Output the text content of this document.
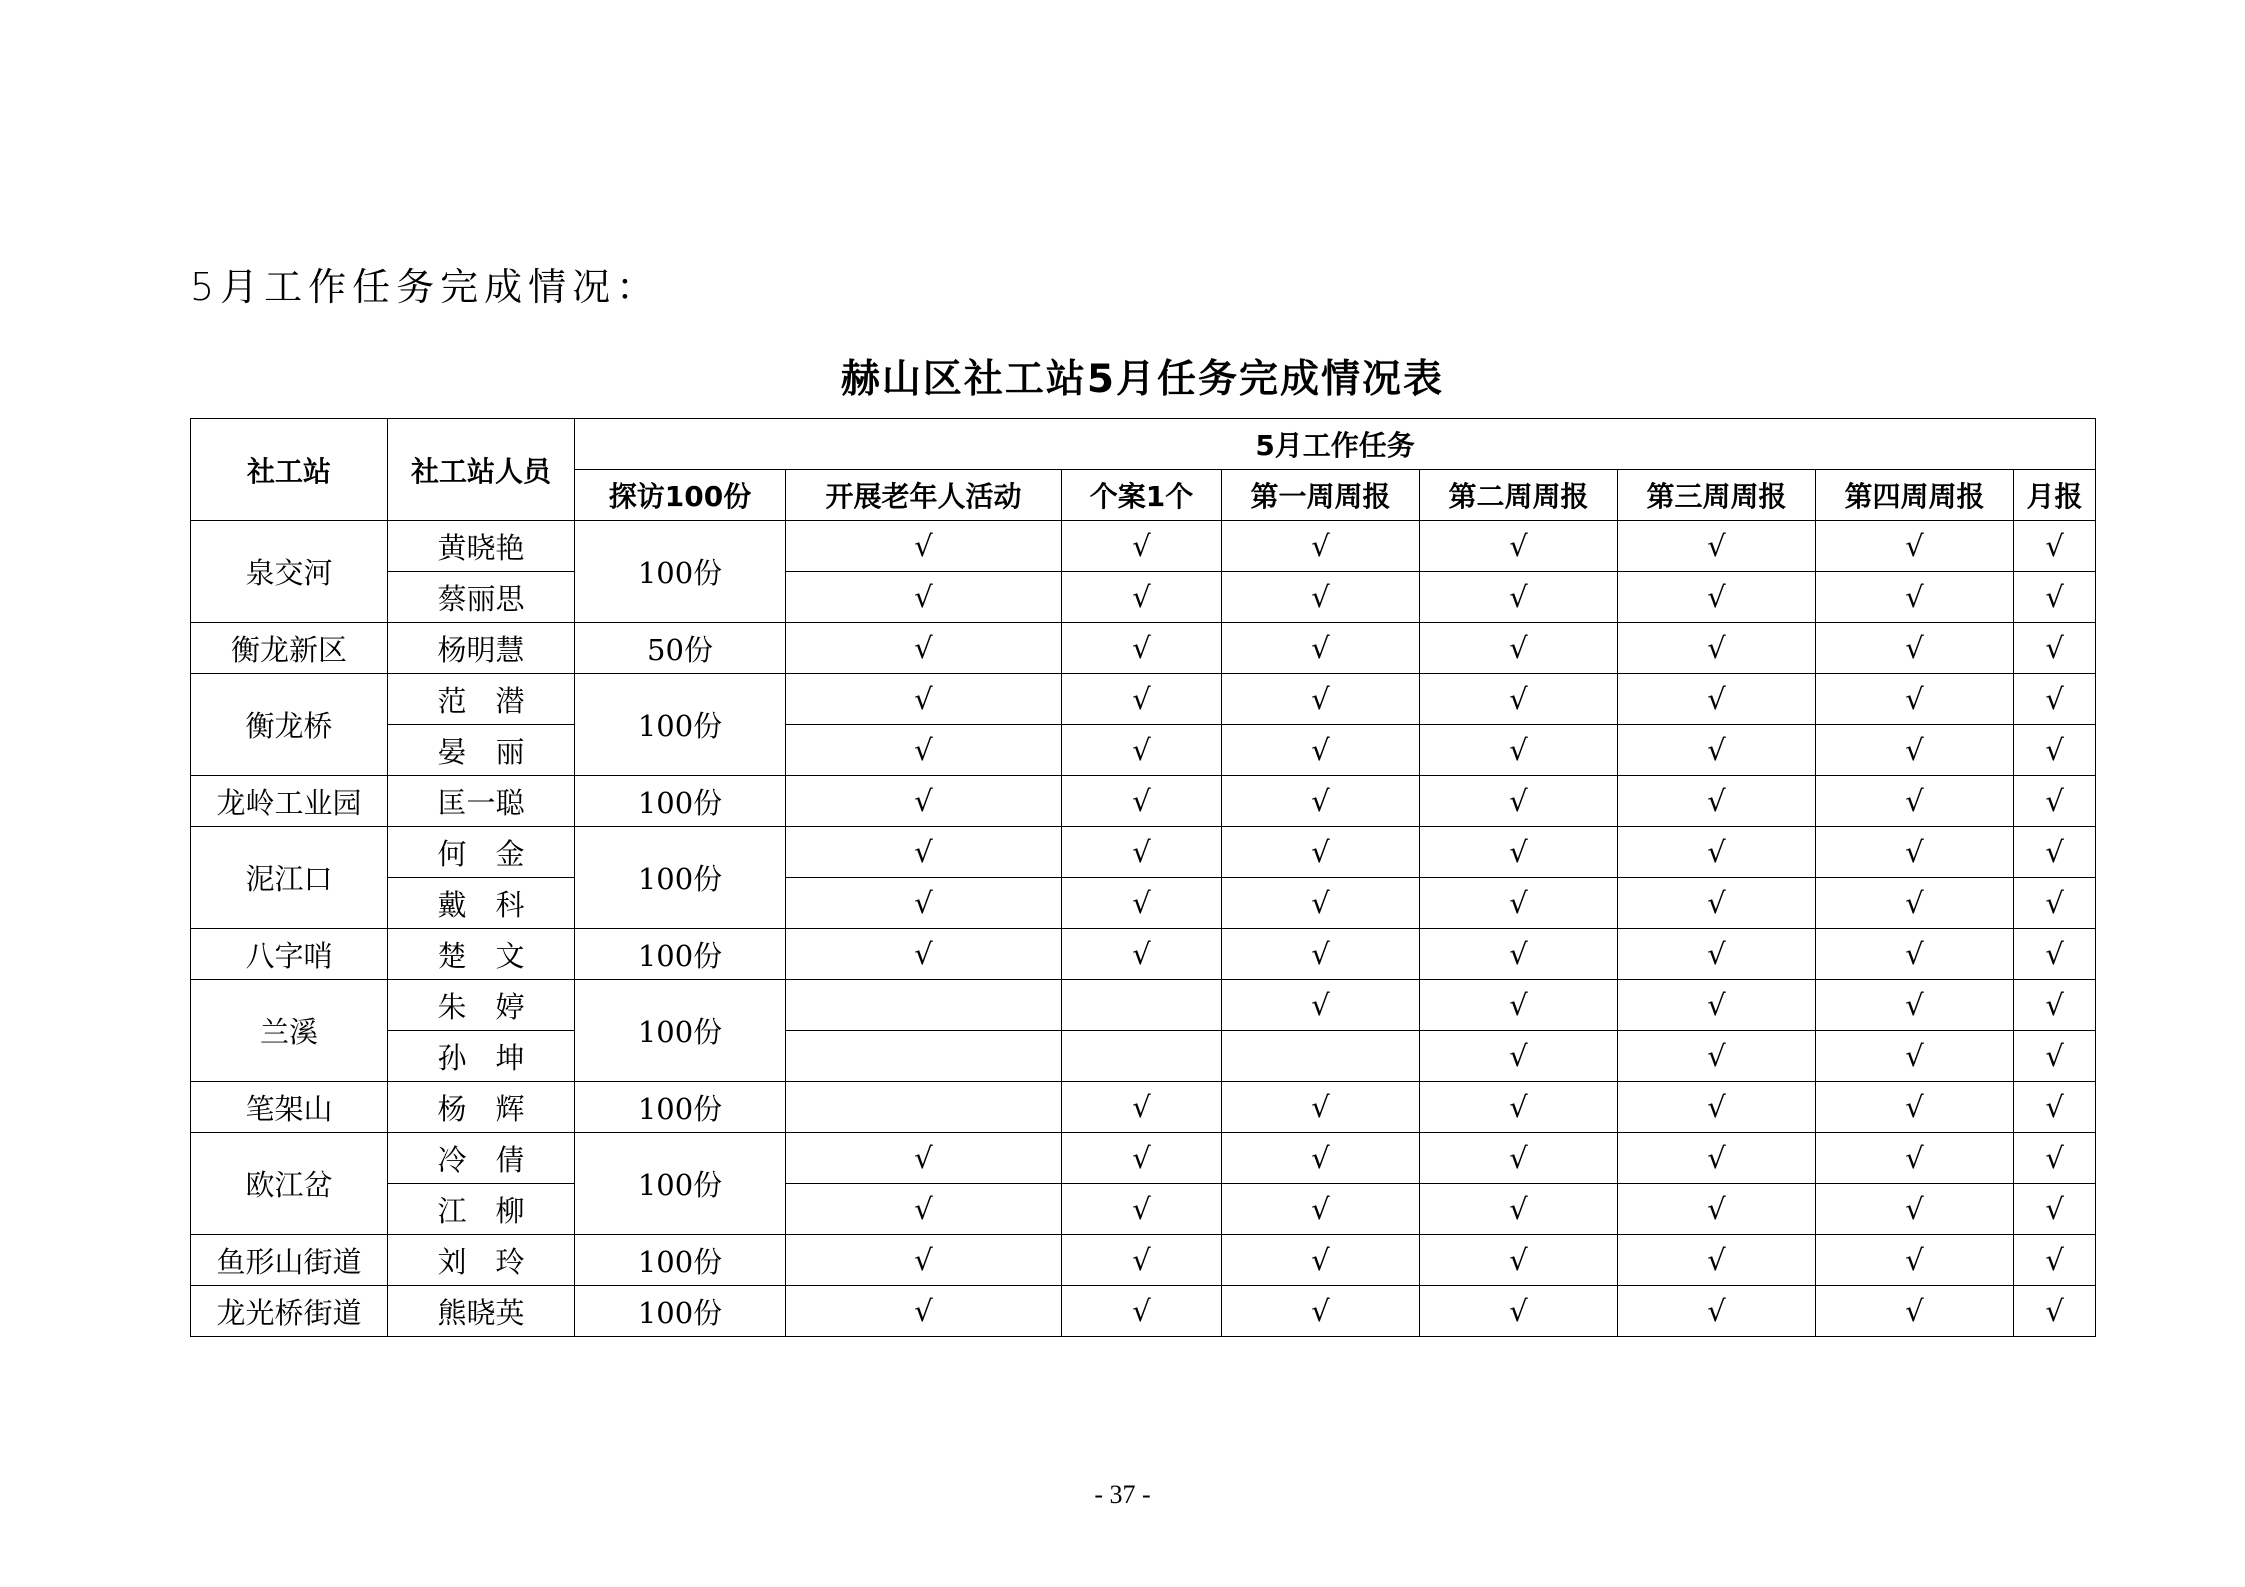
5月工作任务完成情况：
赫山区社工站5月任务完成情况表
社工站	社工站人员	5月工作任务							
		探访100份	开展老年人活动	个案1个	第一周周报	第二周周报	第三周周报	第四周周报	月报
泉交河	黄晓艳	100份	√	√	√	√	√	√	√
	蔡丽思		√	√	√	√	√	√	√
衡龙新区	杨明慧	50份	√	√	√	√	√	√	√
衡龙桥	范　潜	100份	√	√	√	√	√	√	√
	晏　丽		√	√	√	√	√	√	√
龙岭工业园	匡一聪	100份	√	√	√	√	√	√	√
泥江口	何　金	100份	√	√	√	√	√	√	√
	戴　科		√	√	√	√	√	√	√
八字哨	楚　文	100份	√	√	√	√	√	√	√
兰溪	朱　婷	100份			√	√	√	√	√
	孙　坤					√	√	√	√
笔架山	杨　辉	100份		√	√	√	√	√	√
欧江岔	冷　倩	100份	√	√	√	√	√	√	√
	江　柳		√	√	√	√	√	√	√
鱼形山街道	刘　玲	100份	√	√	√	√	√	√	√
龙光桥街道	熊晓英	100份	√	√	√	√	√	√	√
- 37 -
